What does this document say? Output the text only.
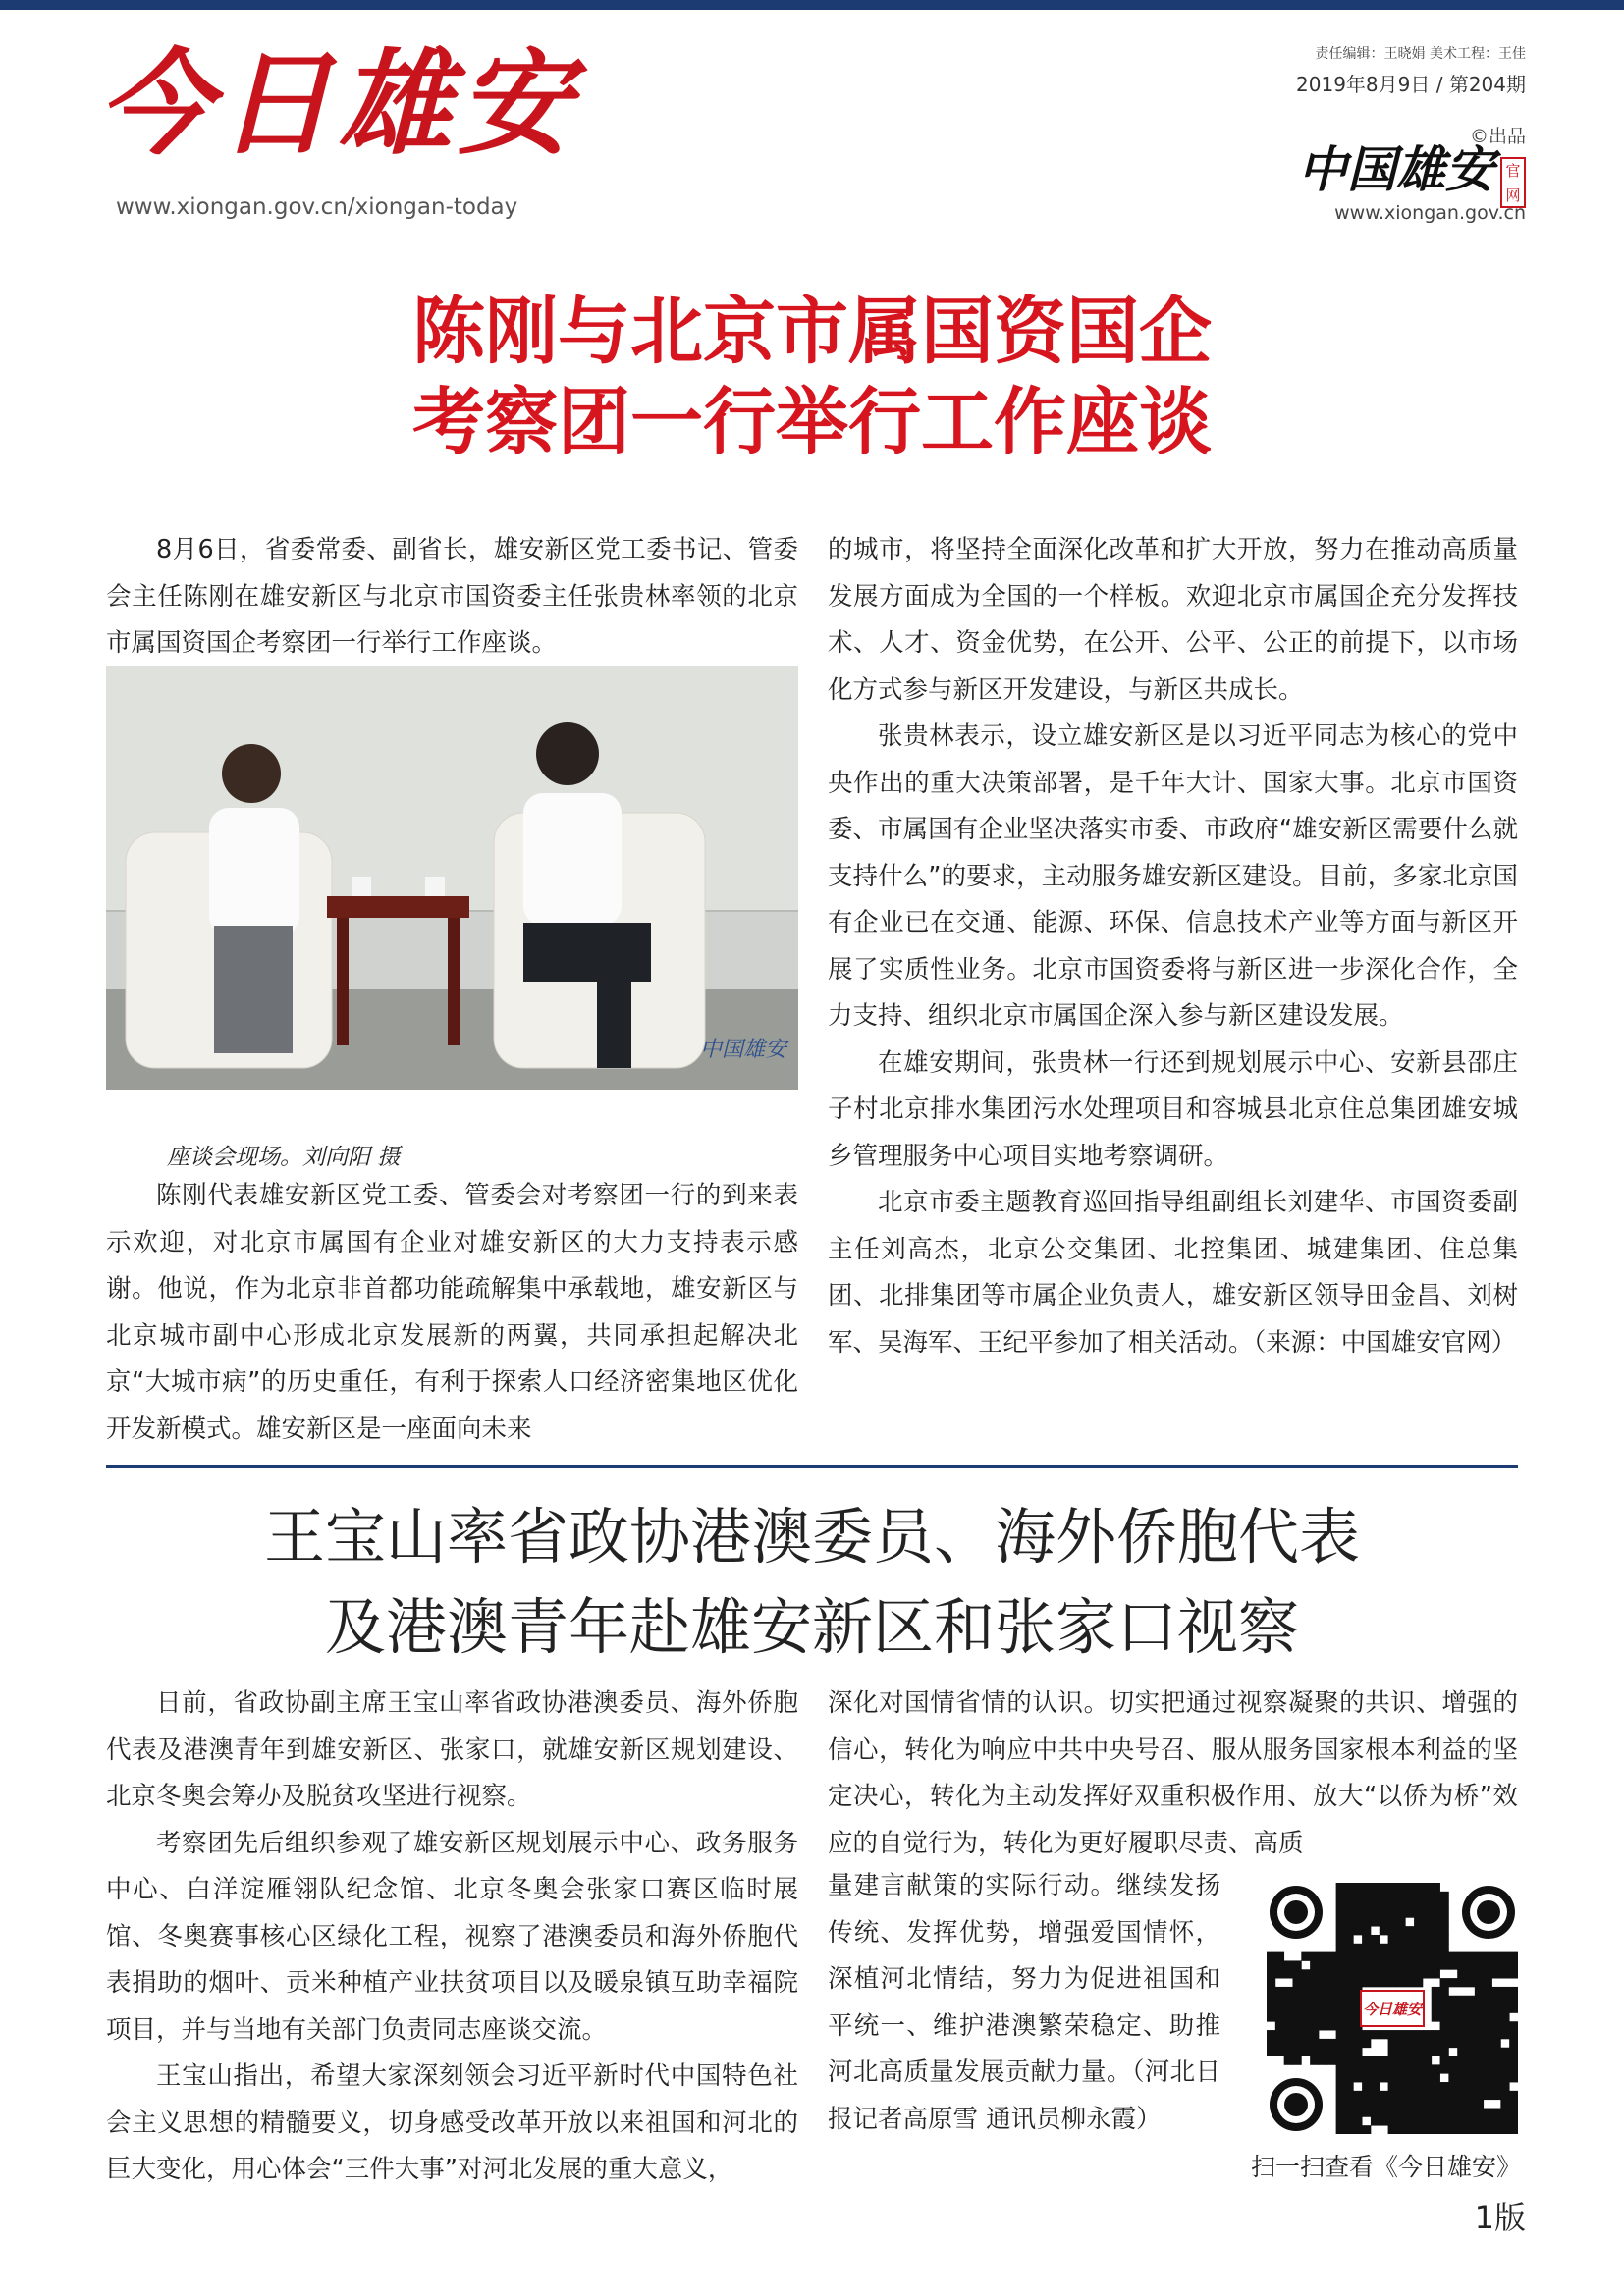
今日雄安
www.xiongan.gov.cn/xiongan-today
责任编辑：王晓娟 美术工程：王佳
2019年8月9日 / 第204期
©出品
中国雄安 官网
www.xiongan.gov.cn
陈刚与北京市属国资国企
考察团一行举行工作座谈

8月6日，省委常委、副省长，雄安新区党工委书记、管委会主任陈刚在雄安新区与北京市国资委主任张贵林率领的北京市属国资国企考察团一行举行工作座谈。

中国雄安
座谈会现场。刘向阳 摄

陈刚代表雄安新区党工委、管委会对考察团一行的到来表示欢迎，对北京市属国有企业对雄安新区的大力支持表示感谢。他说，作为北京非首都功能疏解集中承载地，雄安新区与北京城市副中心形成北京发展新的两翼，共同承担起解决北京“大城市病”的历史重任，有利于探索人口经济密集地区优化开发新模式。雄安新区是一座面向未来

的城市，将坚持全面深化改革和扩大开放，努力在推动高质量发展方面成为全国的一个样板。欢迎北京市属国企充分发挥技术、人才、资金优势，在公开、公平、公正的前提下，以市场化方式参与新区开发建设，与新区共成长。

张贵林表示，设立雄安新区是以习近平同志为核心的党中央作出的重大决策部署，是千年大计、国家大事。北京市国资委、市属国有企业坚决落实市委、市政府“雄安新区需要什么就支持什么”的要求，主动服务雄安新区建设。目前，多家北京国有企业已在交通、能源、环保、信息技术产业等方面与新区开展了实质性业务。北京市国资委将与新区进一步深化合作，全力支持、组织北京市属国企深入参与新区建设发展。

在雄安期间，张贵林一行还到规划展示中心、安新县邵庄子村北京排水集团污水处理项目和容城县北京住总集团雄安城乡管理服务中心项目实地考察调研。

北京市委主题教育巡回指导组副组长刘建华、市国资委副主任刘高杰，北京公交集团、北控集团、城建集团、住总集团、北排集团等市属企业负责人，雄安新区领导田金昌、刘树军、吴海军、王纪平参加了相关活动。（来源：中国雄安官网）

王宝山率省政协港澳委员、海外侨胞代表
及港澳青年赴雄安新区和张家口视察

日前，省政协副主席王宝山率省政协港澳委员、海外侨胞代表及港澳青年到雄安新区、张家口，就雄安新区规划建设、北京冬奥会筹办及脱贫攻坚进行视察。

考察团先后组织参观了雄安新区规划展示中心、政务服务中心、白洋淀雁翎队纪念馆、北京冬奥会张家口赛区临时展馆、冬奥赛事核心区绿化工程，视察了港澳委员和海外侨胞代表捐助的烟叶、贡米种植产业扶贫项目以及暖泉镇互助幸福院项目，并与当地有关部门负责同志座谈交流。

王宝山指出，希望大家深刻领会习近平新时代中国特色社会主义思想的精髓要义，切身感受改革开放以来祖国和河北的巨大变化，用心体会“三件大事”对河北发展的重大意义，

深化对国情省情的认识。切实把通过视察凝聚的共识、增强的信心，转化为响应中共中央号召、服从服务国家根本利益的坚定决心，转化为主动发挥好双重积极作用、放大“以侨为桥”效应的自觉行为，转化为更好履职尽责、高质

量建言献策的实际行动。继续发扬传统、发挥优势，增强爱国情怀，深植河北情结，努力为促进祖国和平统一、维护港澳繁荣稳定、助推河北高质量发展贡献力量。（河北日报记者高原雪 通讯员柳永霞）

今日雄安
扫一扫查看《今日雄安》
1版
